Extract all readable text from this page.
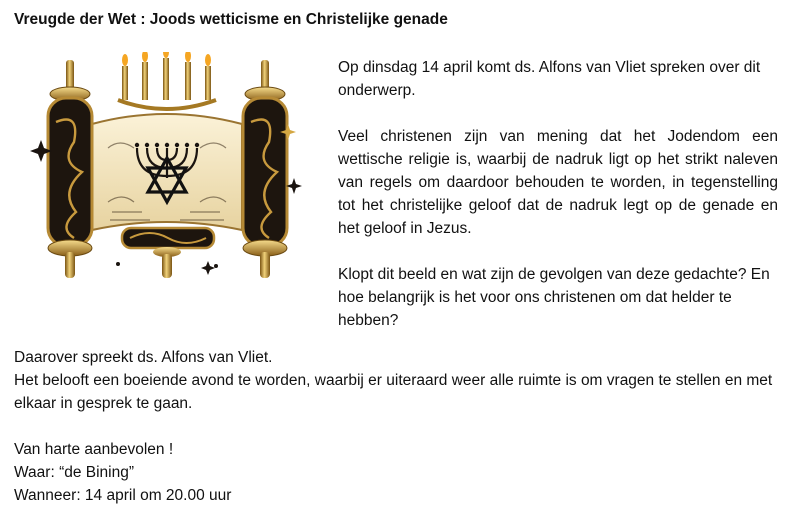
Vreugde der Wet : Joods wetticisme en Christelijke genade

Op dinsdag 14 april komt ds. Alfons van Vliet spreken over dit onderwerp.

Veel christenen zijn van mening dat het Jodendom een wettische religie is, waarbij de nadruk ligt op het strikt naleven van regels om daardoor behouden te worden, in tegenstelling tot het christelijke geloof dat de nadruk legt op de genade en het geloof in Jezus.

Klopt dit beeld en wat zijn de gevolgen van deze gedachte? En hoe belangrijk is het voor ons christenen om dat helder te hebben?

Daarover spreekt ds. Alfons van Vliet.

Het belooft een boeiende avond te worden, waarbij er uiteraard weer alle ruimte is om vragen te stellen en met elkaar in gesprek te gaan.

Van harte aanbevolen !

Waar: “de Bining”

Wanneer: 14 april om 20.00 uur
